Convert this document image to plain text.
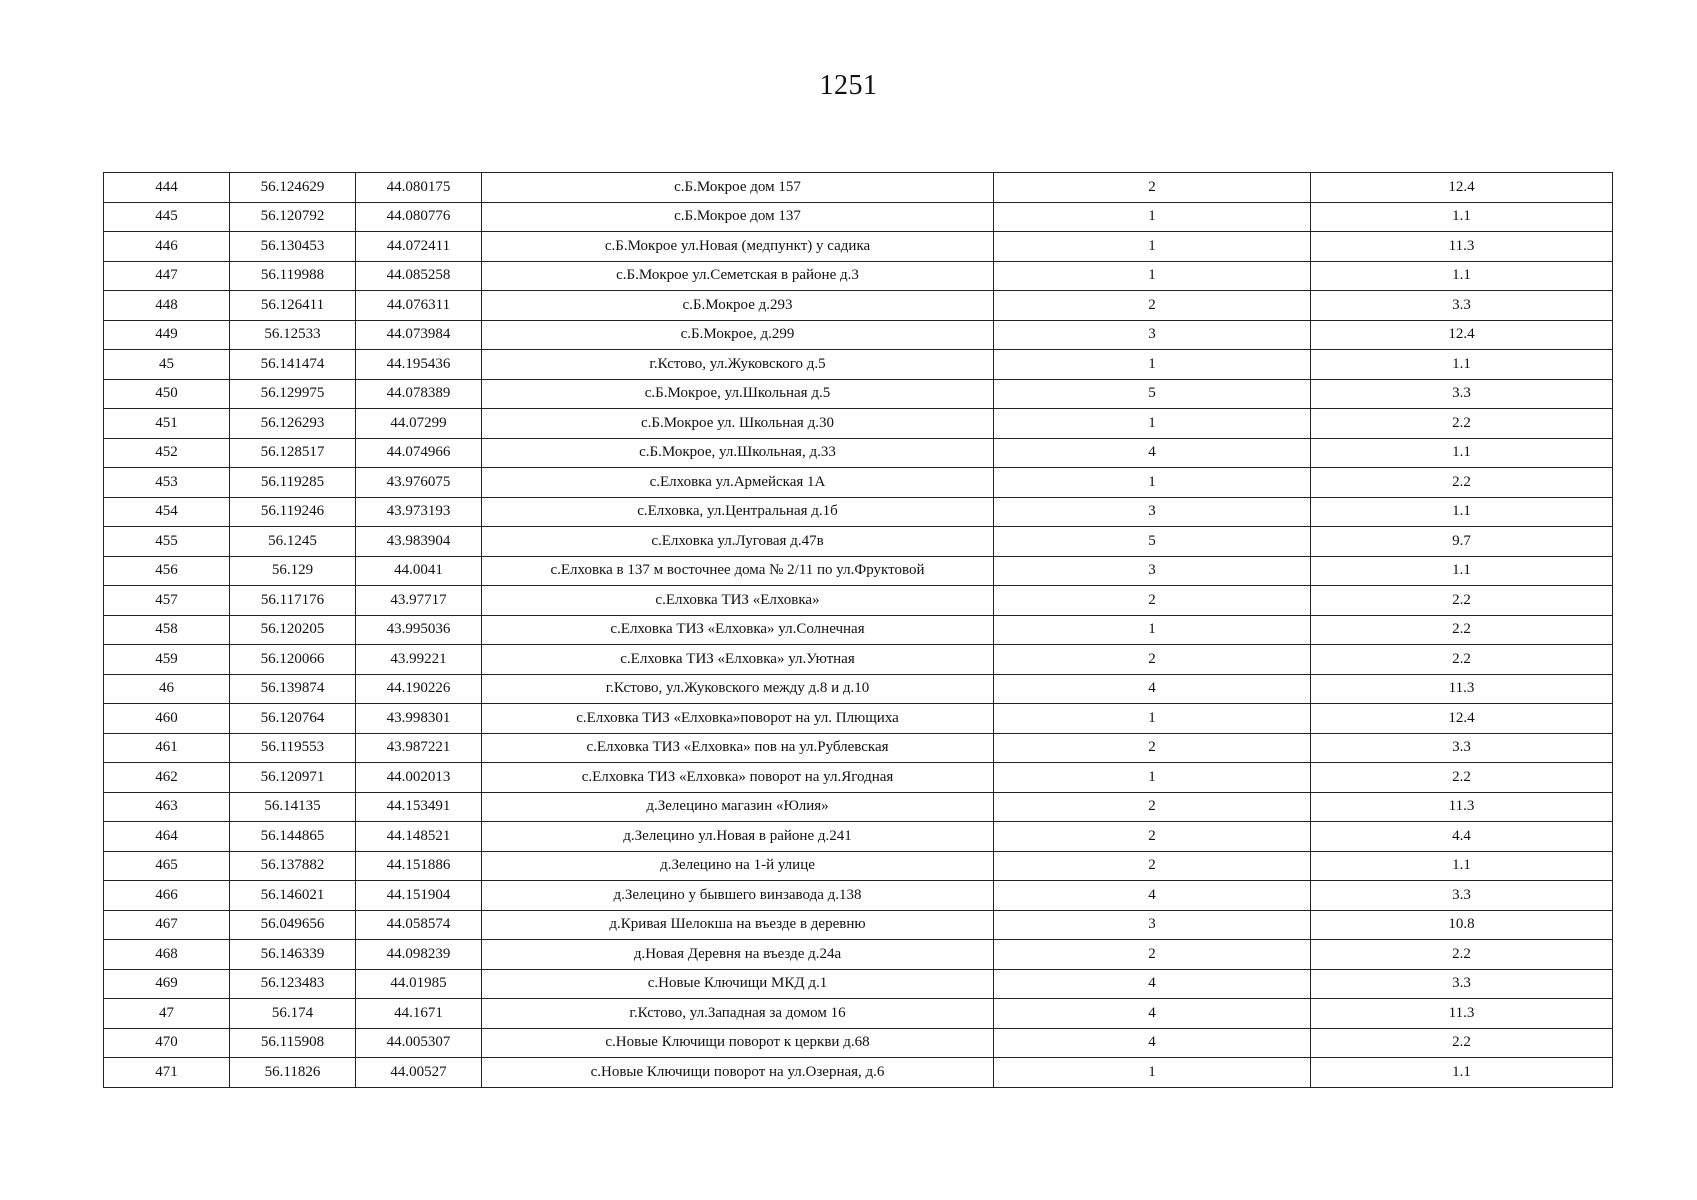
1251
444	56.124629	44.080175	с.Б.Мокрое дом 157	2	12.4
445	56.120792	44.080776	с.Б.Мокрое дом 137	1	1.1
446	56.130453	44.072411	с.Б.Мокрое ул.Новая (медпункт) у садика	1	11.3
447	56.119988	44.085258	с.Б.Мокрое ул.Семетская в районе д.3	1	1.1
448	56.126411	44.076311	с.Б.Мокрое д.293	2	3.3
449	56.12533	44.073984	с.Б.Мокрое, д.299	3	12.4
45	56.141474	44.195436	г.Кстово, ул.Жуковского д.5	1	1.1
450	56.129975	44.078389	с.Б.Мокрое, ул.Школьная д.5	5	3.3
451	56.126293	44.07299	с.Б.Мокрое ул. Школьная д.30	1	2.2
452	56.128517	44.074966	с.Б.Мокрое, ул.Школьная, д.33	4	1.1
453	56.119285	43.976075	с.Елховка ул.Армейская 1А	1	2.2
454	56.119246	43.973193	с.Елховка, ул.Центральная д.1б	3	1.1
455	56.1245	43.983904	с.Елховка ул.Луговая д.47в	5	9.7
456	56.129	44.0041	с.Елховка в 137 м восточнее дома № 2/11 по ул.Фруктовой	3	1.1
457	56.117176	43.97717	с.Елховка ТИЗ «Елховка»	2	2.2
458	56.120205	43.995036	с.Елховка ТИЗ «Елховка» ул.Солнечная	1	2.2
459	56.120066	43.99221	с.Елховка ТИЗ «Елховка» ул.Уютная	2	2.2
46	56.139874	44.190226	г.Кстово, ул.Жуковского между д.8 и д.10	4	11.3
460	56.120764	43.998301	с.Елховка ТИЗ «Елховка»поворот на ул. Плющиха	1	12.4
461	56.119553	43.987221	с.Елховка ТИЗ «Елховка» пов на ул.Рублевская	2	3.3
462	56.120971	44.002013	с.Елховка ТИЗ «Елховка» поворот на ул.Ягодная	1	2.2
463	56.14135	44.153491	д.Зелецино магазин «Юлия»	2	11.3
464	56.144865	44.148521	д.Зелецино ул.Новая в районе д.241	2	4.4
465	56.137882	44.151886	д.Зелецино на 1-й улице	2	1.1
466	56.146021	44.151904	д.Зелецино у бывшего винзавода д.138	4	3.3
467	56.049656	44.058574	д.Кривая Шелокша на въезде в деревню	3	10.8
468	56.146339	44.098239	д.Новая Деревня на въезде д.24а	2	2.2
469	56.123483	44.01985	с.Новые Ключищи МКД д.1	4	3.3
47	56.174	44.1671	г.Кстово, ул.Западная за домом 16	4	11.3
470	56.115908	44.005307	с.Новые Ключищи поворот к церкви д.68	4	2.2
471	56.11826	44.00527	с.Новые Ключищи поворот на ул.Озерная, д.6	1	1.1
